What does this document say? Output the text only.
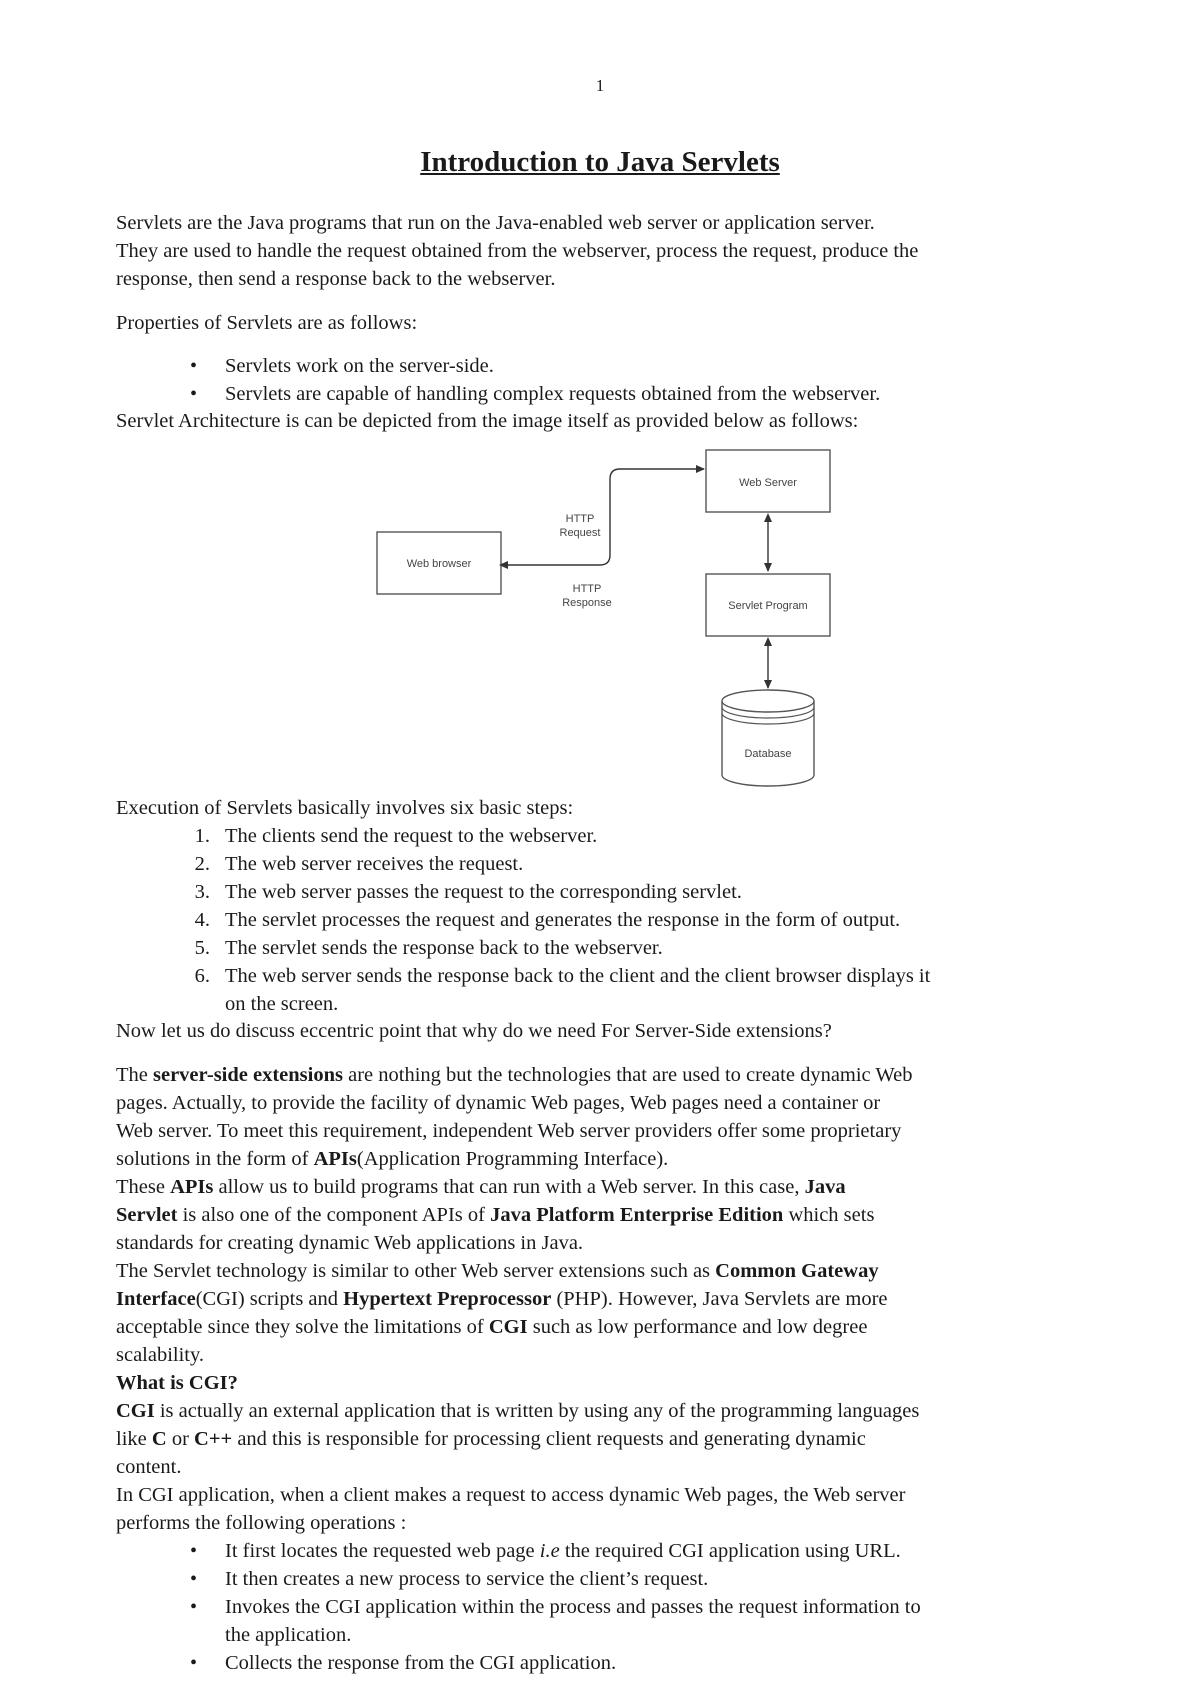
1
Introduction to Java Servlets

Servlets are the Java programs that run on the Java-enabled web server or application server.

They are used to handle the request obtained from the webserver, process the request, produce the

response, then send a response back to the webserver.

Properties of Servlets are as follows:

• Servlets work on the server-side.

• Servlets are capable of handling complex requests obtained from the webserver.

Servlet Architecture is can be depicted from the image itself as provided below as follows:

Web Server
Web browser
Servlet Program
Database
HTTP
Request
HTTP
Response

Execution of Servlets basically involves six basic steps:

1. The clients send the request to the webserver.

2. The web server receives the request.

3. The web server passes the request to the corresponding servlet.

4. The servlet processes the request and generates the response in the form of output.

5. The servlet sends the response back to the webserver.

6. The web server sends the response back to the client and the client browser displays it

on the screen.

Now let us do discuss eccentric point that why do we need For Server-Side extensions?

The server-side extensions are nothing but the technologies that are used to create dynamic Web

pages. Actually, to provide the facility of dynamic Web pages, Web pages need a container or

Web server. To meet this requirement, independent Web server providers offer some proprietary

solutions in the form of APIs(Application Programming Interface).

These APIs allow us to build programs that can run with a Web server. In this case, Java

Servlet is also one of the component APIs of Java Platform Enterprise Edition which sets

standards for creating dynamic Web applications in Java.

The Servlet technology is similar to other Web server extensions such as Common Gateway

Interface(CGI) scripts and Hypertext Preprocessor (PHP). However, Java Servlets are more

acceptable since they solve the limitations of CGI such as low performance and low degree

scalability.

What is CGI?

CGI is actually an external application that is written by using any of the programming languages

like C or C++ and this is responsible for processing client requests and generating dynamic

content.

In CGI application, when a client makes a request to access dynamic Web pages, the Web server

performs the following operations :

• It first locates the requested web page i.e the required CGI application using URL.

• It then creates a new process to service the client’s request.

• Invokes the CGI application within the process and passes the request information to

the application.

• Collects the response from the CGI application.
